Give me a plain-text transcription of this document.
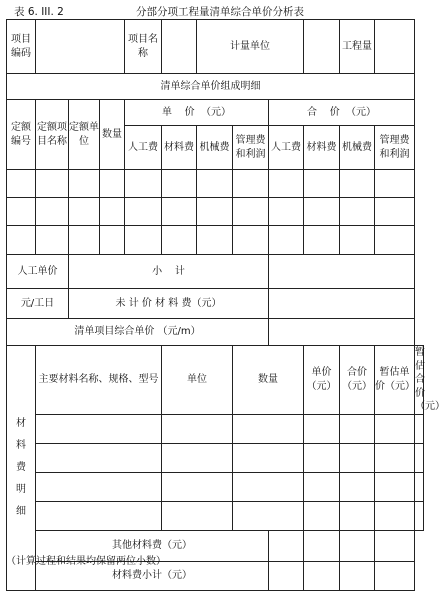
表 6. III. 2	分部分项工程量清单综合单价分析表
项目编码				项目名称		计量单位				工程量		
清单综合单价组成明细												

定额编号	定额项目名称	定额单位	数量	单    价  （元）				合    价  （元）				
				人工费	材料费	机械费	管理费和利润	人工费	材料费	机械费	管理费和利润	

人工单价		小    计										
元/工日		未 计 价 材 料 费（元）										
清单项目综合单价 （元/m）												

材料费明细	主要材料名称、规格、型号				单位		数量		单价（元）	合价（元）	暂估单价（元）	暂估合价（元）

	其他材料费（元）											
	材料费小计（元）											
（计算过程和结果均保留两位小数）
